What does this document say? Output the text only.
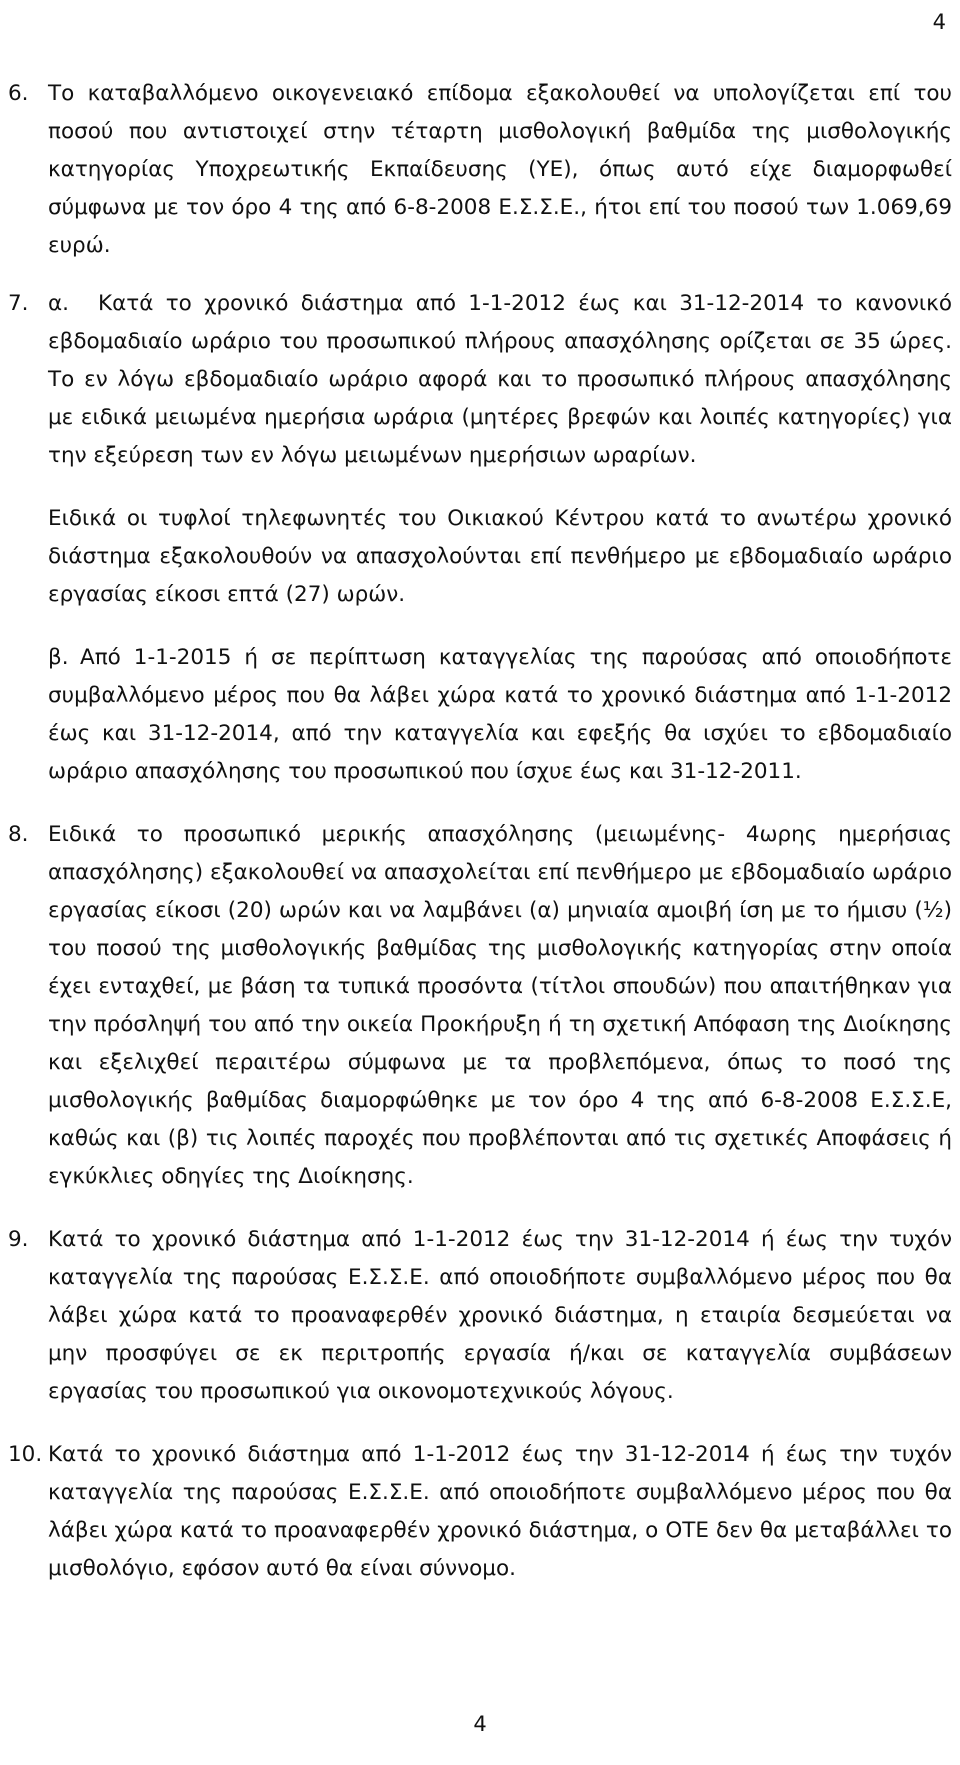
4
6. Το καταβαλλόμενο οικογενειακό επίδομα εξακολουθεί να υπολογίζεται επί του ποσού που αντιστοιχεί στην τέταρτη μισθολογική βαθμίδα της μισθολογικής κατηγορίας Υποχρεωτικής Εκπαίδευσης (ΥΕ), όπως αυτό είχε διαμορφωθεί σύμφωνα με τον όρο 4 της από 6-8-2008 Ε.Σ.Σ.Ε., ήτοι επί του ποσού των 1.069,69 ευρώ.
7. α. Κατά το χρονικό διάστημα από 1-1-2012 έως και 31-12-2014 το κανονικό εβδομαδιαίο ωράριο του προσωπικού πλήρους απασχόλησης ορίζεται σε 35 ώρες. Το εν λόγω εβδομαδιαίο ωράριο αφορά και το προσωπικό πλήρους απασχόλησης με ειδικά μειωμένα ημερήσια ωράρια (μητέρες βρεφών και λοιπές κατηγορίες) για την εξεύρεση των εν λόγω μειωμένων ημερήσιων ωραρίων.

Ειδικά οι τυφλοί τηλεφωνητές του Οικιακού Κέντρου κατά το ανωτέρω χρονικό διάστημα εξακολουθούν να απασχολούνται επί πενθήμερο με εβδομαδιαίο ωράριο εργασίας είκοσι επτά (27) ωρών.

β. Από 1-1-2015 ή σε περίπτωση καταγγελίας της παρούσας από οποιοδήποτε συμβαλλόμενο μέρος που θα λάβει χώρα κατά το χρονικό διάστημα από 1-1-2012 έως και 31-12-2014, από την καταγγελία και εφεξής θα ισχύει το εβδομαδιαίο ωράριο απασχόλησης του προσωπικού που ίσχυε έως και 31-12-2011.

8. Ειδικά το προσωπικό μερικής απασχόλησης (μειωμένης- 4ωρης ημερήσιας απασχόλησης) εξακολουθεί να απασχολείται επί πενθήμερο με εβδομαδιαίο ωράριο εργασίας είκοσι (20) ωρών και να λαμβάνει (α) μηνιαία αμοιβή ίση με το ήμισυ (½) του ποσού της μισθολογικής βαθμίδας της μισθολογικής κατηγορίας στην οποία έχει ενταχθεί, με βάση τα τυπικά προσόντα (τίτλοι σπουδών) που απαιτήθηκαν για την πρόσληψή του από την οικεία Προκήρυξη ή τη σχετική Απόφαση της Διοίκησης και εξελιχθεί περαιτέρω σύμφωνα με τα προβλεπόμενα, όπως το ποσό της μισθολογικής βαθμίδας διαμορφώθηκε με τον όρο 4 της από 6-8-2008 Ε.Σ.Σ.Ε, καθώς και (β) τις λοιπές παροχές που προβλέπονται από τις σχετικές Αποφάσεις ή εγκύκλιες οδηγίες της Διοίκησης.
9. Κατά το χρονικό διάστημα από 1-1-2012 έως την 31-12-2014 ή έως την τυχόν καταγγελία της παρούσας Ε.Σ.Σ.Ε. από οποιοδήποτε συμβαλλόμενο μέρος που θα λάβει χώρα κατά το προαναφερθέν χρονικό διάστημα, η εταιρία δεσμεύεται να μην προσφύγει σε εκ περιτροπής εργασία ή/και σε καταγγελία συμβάσεων εργασίας του προσωπικού για οικονομοτεχνικούς λόγους.
10. Κατά το χρονικό διάστημα από 1-1-2012 έως την 31-12-2014 ή έως την τυχόν καταγγελία της παρούσας Ε.Σ.Σ.Ε. από οποιοδήποτε συμβαλλόμενο μέρος που θα λάβει χώρα κατά το προαναφερθέν χρονικό διάστημα, ο ΟΤΕ δεν θα μεταβάλλει το μισθολόγιο, εφόσον αυτό θα είναι σύννομο.
4
